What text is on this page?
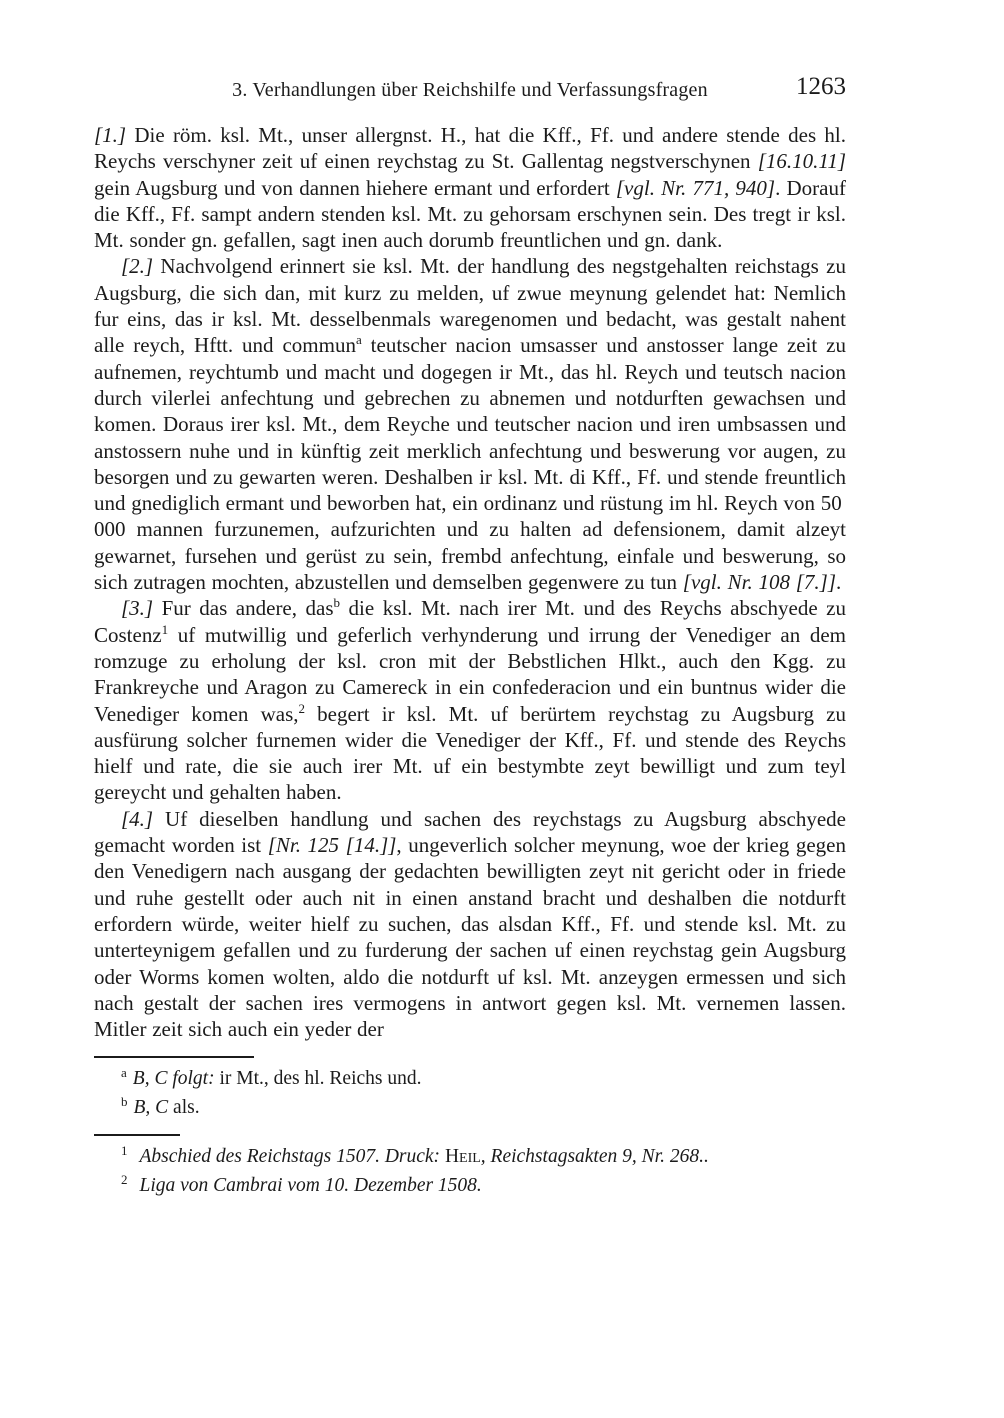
3. Verhandlungen über Reichshilfe und Verfassungsfragen	1263

[1.] Die röm. ksl. Mt., unser allergnst. H., hat die Kff., Ff. und andere stende des hl. Reychs verschyner zeit uf einen reychstag zu St. Gallentag negstverschynen [16.10.11] gein Augsburg und von dannen hiehere ermant und erfordert [vgl. Nr. 771, 940]. Dorauf die Kff., Ff. sampt andern stenden ksl. Mt. zu gehorsam erschynen sein. Des tregt ir ksl. Mt. sonder gn. gefallen, sagt inen auch dorumb freuntlichen und gn. dank.

[2.] Nachvolgend erinnert sie ksl. Mt. der handlung des negstgehalten reichstags zu Augsburg, die sich dan, mit kurz zu melden, uf zwue meynung gelendet hat: Nemlich fur eins, das ir ksl. Mt. desselbenmals waregenomen und bedacht, was gestalt nahent alle reych, Hftt. und commun$^a$ teutscher nacion umsasser und anstosser lange zeit zu aufnemen, reychtumb und macht und dogegen ir Mt., das hl. Reych und teutsch nacion durch vilerlei anfechtung und gebrechen zu abnemen und notdurften gewachsen und komen. Doraus irer ksl. Mt., dem Reyche und teutscher nacion und iren umbsassen und anstossern nuhe und in künftig zeit merklich anfechtung und beswerung vor augen, zu besorgen und zu gewarten weren. Deshalben ir ksl. Mt. di Kff., Ff. und stende freuntlich und gnediglich ermant und beworben hat, ein ordinanz und rüstung im hl. Reych von 50 000 mannen furzunemen, aufzurichten und zu halten ad defensionem, damit alzeyt gewarnet, fursehen und gerüst zu sein, frembd anfechtung, einfale und beswerung, so sich zutragen mochten, abzustellen und demselben gegenwere zu tun [vgl. Nr. 108 [7.]].

[3.] Fur das andere, das$^b$ die ksl. Mt. nach irer Mt. und des Reychs abschyede zu Costenz$^1$ uf mutwillig und geferlich verhynderung und irrung der Venediger an dem romzuge zu erholung der ksl. cron mit der Bebstlichen Hlkt., auch den Kgg. zu Frankreyche und Aragon zu Camereck in ein confederacion und ein buntnus wider die Venediger komen was,$^2$ begert ir ksl. Mt. uf berürtem reychstag zu Augsburg zu ausfürung solcher furnemen wider die Venediger der Kff., Ff. und stende des Reychs hielf und rate, die sie auch irer Mt. uf ein bestymbte zeyt bewilligt und zum teyl gereycht und gehalten haben.

[4.] Uf dieselben handlung und sachen des reychstags zu Augsburg abschyede gemacht worden ist [Nr. 125 [14.]], ungeverlich solcher meynung, woe der krieg gegen den Venedigern nach ausgang der gedachten bewilligten zeyt nit gericht oder in friede und ruhe gestellt oder auch nit in einen anstand bracht und deshalben die notdurft erfordern würde, weiter hielf zu suchen, das alsdan Kff., Ff. und stende ksl. Mt. zu unterteynigem gefallen und zu furderung der sachen uf einen reychstag gein Augsburg oder Worms komen wolten, aldo die notdurft uf ksl. Mt. anzeygen ermessen und sich nach gestalt der sachen ires vermogens in antwort gegen ksl. Mt. vernemen lassen. Mitler zeit sich auch ein yeder der

$^a$ B, C folgt: ir Mt., des hl. Reichs und.
$^b$ B, C als.
$^1$ Abschied des Reichstags 1507. Druck: Heil, Reichstagsakten 9, Nr. 268..
$^2$ Liga von Cambrai vom 10. Dezember 1508.
